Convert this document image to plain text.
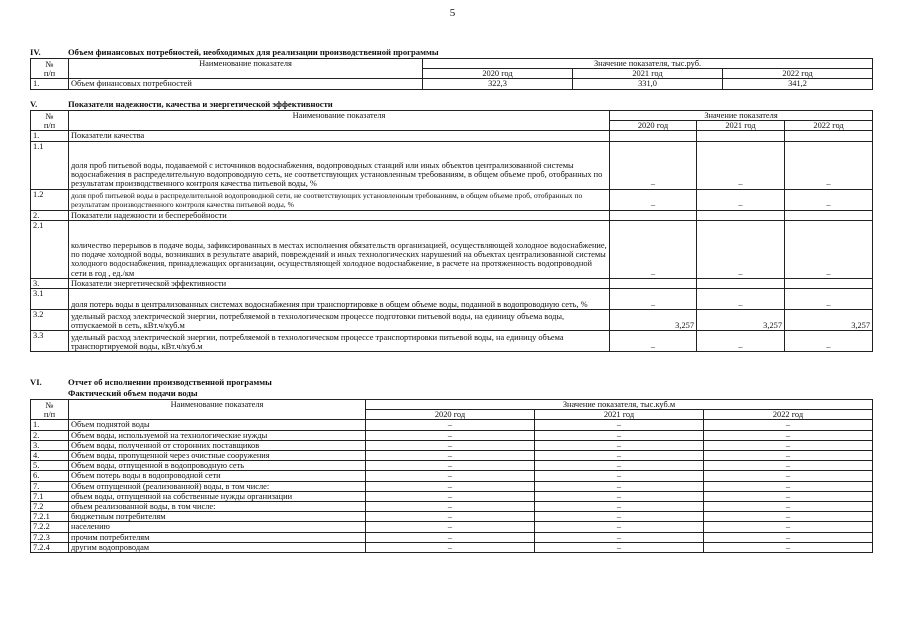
5
IV.	Объем финансовых потребностей, необходимых для реализации производственной программы
№
п/п	Наименование показателя	Значение показателя, тыс.руб.		
		2020 год	2021 год	2022 год
1.	Объем финансовых потребностей	322,3	331,0	341,2
V.	Показатели надежности, качества и энергетической эффективности
№
п/п	Наименование показателя	Значение показателя		
		2020 год	2021 год	2022 год
1.	Показатели качества			
1.1	доля проб питьевой воды, подаваемой с источников водоснабжения, водопроводных станций или иных объектов централизованной системы водоснабжения в распределительную водопроводную сеть, не соответствующих установленным требованиям, в общем объеме проб, отобранных по результатам производственного контроля качества питьевой воды, %	–	–	–
1.2	доля проб питьевой воды в распределительной водопроводной сети, не соответствующих установленным требованиям, в общем объеме проб, отобранных по результатам производственного контроля качества питьевой воды, %	–	–	–
2.	Показатели надежности и бесперебойности			
2.1	количество перерывов в подаче воды, зафиксированных в местах исполнения обязательств организацией, осуществляющей холодное водоснабжение, по подаче холодной воды, возникших в результате аварий, повреждений и иных технологических нарушений на объектах централизованной системы холодного водоснабжения, принадлежащих организации, осуществляющей холодное водоснабжение, в расчете на протяженность водопроводной сети в год , ед./км	–	–	–
3.	Показатели энергетической эффективности			
3.1	доля потерь воды в централизованных системах водоснабжения при транспортировке в общем объеме воды, поданной в водопроводную сеть, %	–	–	–
3.2	удельный расход электрической энергии, потребляемой в технологическом процессе подготовки питьевой воды, на единицу объема воды, отпускаемой в сеть, кВт.ч/куб.м	3,257	3,257	3,257
3.3	удельный расход электрической энергии, потребляемой в технологическом процессе транспортировки питьевой воды, на единицу объема транспортируемой воды, кВт.ч/куб.м	–	–	–
VI.	Отчет об исполнении производственной программы
Фактический объем подачи воды
№
п/п	Наименование показателя	Значение показателя, тыс.куб.м		
		2020 год	2021 год	2022 год
1.	Объем поднятой воды	–	–	–
2.	Объем воды, используемой на технологические нужды	–	–	–
3.	Объем воды, полученной от сторонних поставщиков	–	–	–
4.	Объем воды, пропущенной через очистные сооружения	–	–	–
5.	Объем воды, отпущенной в водопроводную сеть	–	–	–
6.	Объем потерь воды в водопроводной сети	–	–	–
7.	Объем отпущенной (реализованной) воды, в том числе:	–	–	–
7.1	объем воды, отпущенной на собственные нужды организации	–	–	–
7.2	объем реализованной воды, в том числе:	–	–	–
7.2.1	бюджетным потребителям	–	–	–
7.2.2	населению	–	–	–
7.2.3	прочим потребителям	–	–	–
7.2.4	другим водопроводам	–	–	–
